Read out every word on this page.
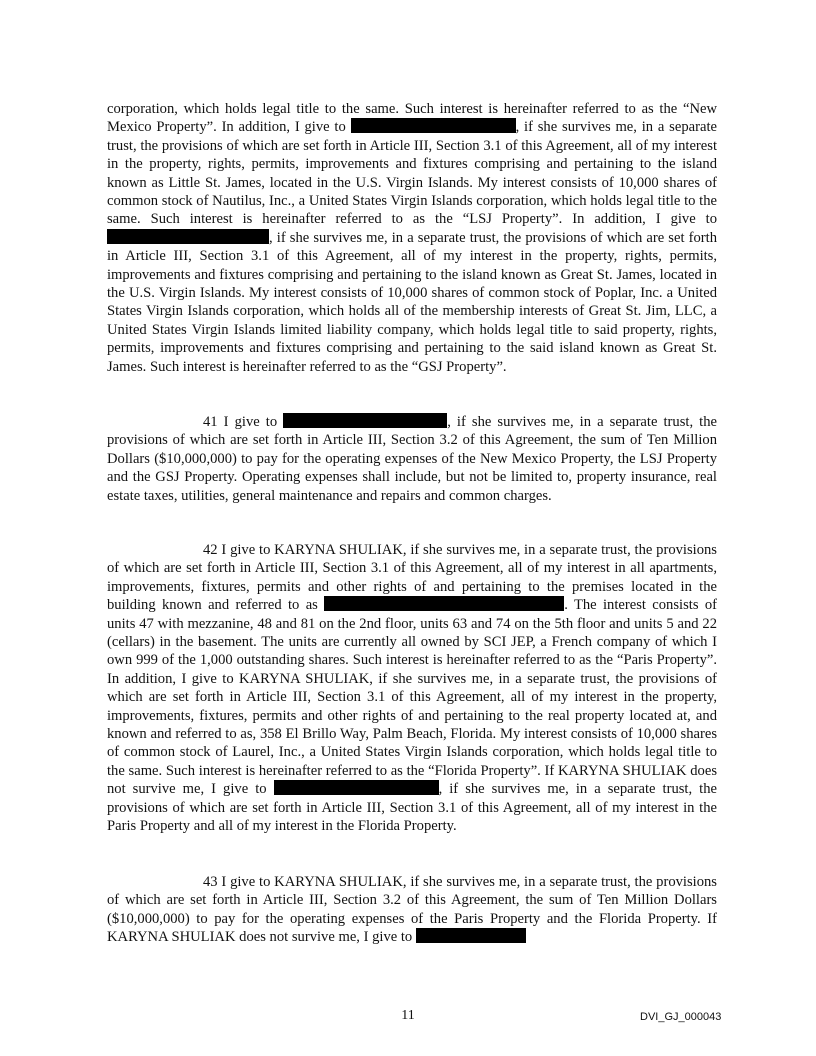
corporation, which holds legal title to the same. Such interest is hereinafter referred to as the “New Mexico Property”. In addition, I give to	, if she survives me, in a separate trust, the provisions of which are set forth in Article III, Section 3.1 of this Agreement, all of my interest in the property, rights, permits, improvements and fixtures comprising and pertaining to the island known as Little St. James, located in the U.S. Virgin Islands. My interest consists of 10,000 shares of common stock of Nautilus, Inc., a United States Virgin Islands corporation, which holds legal title to the same. Such interest is hereinafter referred to as the “LSJ Property”. In addition, I give to , if she survives me, in a separate trust, the provisions of which are set forth in Article III, Section 3.1 of this Agreement, all of my interest in the property, rights, permits, improvements and fixtures comprising and pertaining to the island known as Great St. James, located in the U.S. Virgin Islands. My interest consists of 10,000 shares of common stock of Poplar, Inc. a United States Virgin Islands corporation, which holds all of the membership interests of Great St. Jim, LLC, a United States Virgin Islands limited liability company, which holds legal title to said property, rights, permits, improvements and fixtures comprising and pertaining to the said island known as Great St. James. Such interest is hereinafter referred to as the “GSJ Property”.

41 I give to	, if she survives me, in a separate trust, the provisions of which are set forth in Article III, Section 3.2 of this Agreement, the sum of Ten Million Dollars ($10,000,000) to pay for the operating expenses of the New Mexico Property, the LSJ Property and the GSJ Property. Operating expenses shall include, but not be limited to, property insurance, real estate taxes, utilities, general maintenance and repairs and common charges.

42 I give to KARYNA SHULIAK, if she survives me, in a separate trust, the provisions of which are set forth in Article III, Section 3.1 of this Agreement, all of my interest in all apartments, improvements, fixtures, permits and other rights of and pertaining to the premises located in the building known and referred to as	. The interest consists of units 47 with mezzanine, 48 and 81 on the 2nd floor, units 63 and 74 on the 5th floor and units 5 and 22 (cellars) in the basement. The units are currently all owned by SCI JEP, a French company of which I own 999 of the 1,000 outstanding shares. Such interest is hereinafter referred to as the “Paris Property”. In addition, I give to KARYNA SHULIAK, if she survives me, in a separate trust, the provisions of which are set forth in Article III, Section 3.1 of this Agreement, all of my interest in the property, improvements, fixtures, permits and other rights of and pertaining to the real property located at, and known and referred to as, 358 El Brillo Way, Palm Beach, Florida. My interest consists of 10,000 shares of common stock of Laurel, Inc., a United States Virgin Islands corporation, which holds legal title to the same. Such interest is hereinafter referred to as the “Florida Property”. If KARYNA SHULIAK does not survive me, I give to	, if she survives me, in a separate trust, the provisions of which are set forth in Article III, Section 3.1 of this Agreement, all of my interest in the Paris Property and all of my interest in the Florida Property.

43 I give to KARYNA SHULIAK, if she survives me, in a separate trust, the provisions of which are set forth in Article III, Section 3.2 of this Agreement, the sum of Ten Million Dollars ($10,000,000) to pay for the operating expenses of the Paris Property and the Florida Property. If KARYNA SHULIAK does not survive me, I give to

11	DVI_GJ_000043
